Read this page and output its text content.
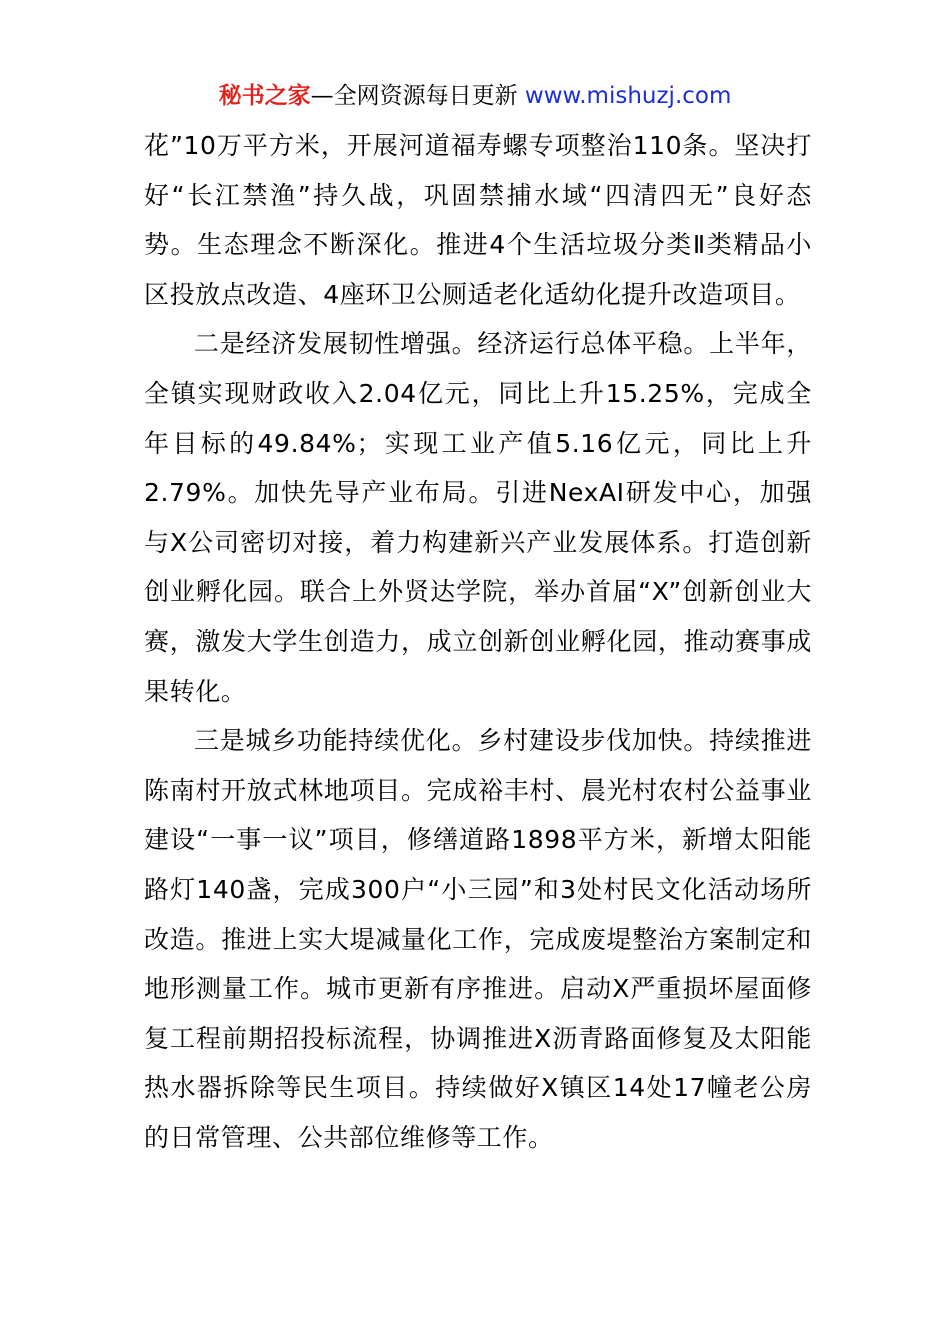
秘书之家—全网资源每日更新 www.mishuzj.com

花”10万平方米，开展河道福寿螺专项整治110条。坚决打好“长江禁渔”持久战，巩固禁捕水域“四清四无”良好态势。生态理念不断深化。推进4个生活垃圾分类Ⅱ类精品小区投放点改造、4座环卫公厕适老化适幼化提升改造项目。

二是经济发展韧性增强。经济运行总体平稳。上半年，全镇实现财政收入2.04亿元，同比上升15.25%，完成全年目标的49.84%；实现工业产值5.16亿元，同比上升2.79%。加快先导产业布局。引进NexAI研发中心，加强与X公司密切对接，着力构建新兴产业发展体系。打造创新创业孵化园。联合上外贤达学院，举办首届“X”创新创业大赛，激发大学生创造力，成立创新创业孵化园，推动赛事成果转化。

三是城乡功能持续优化。乡村建设步伐加快。持续推进陈南村开放式林地项目。完成裕丰村、晨光村农村公益事业建设“一事一议”项目，修缮道路1898平方米，新增太阳能路灯140盏，完成300户“小三园”和3处村民文化活动场所改造。推进上实大堤减量化工作，完成废堤整治方案制定和地形测量工作。城市更新有序推进。启动X严重损坏屋面修复工程前期招投标流程，协调推进X沥青路面修复及太阳能热水器拆除等民生项目。持续做好X镇区14处17幢老公房的日常管理、公共部位维修等工作。
